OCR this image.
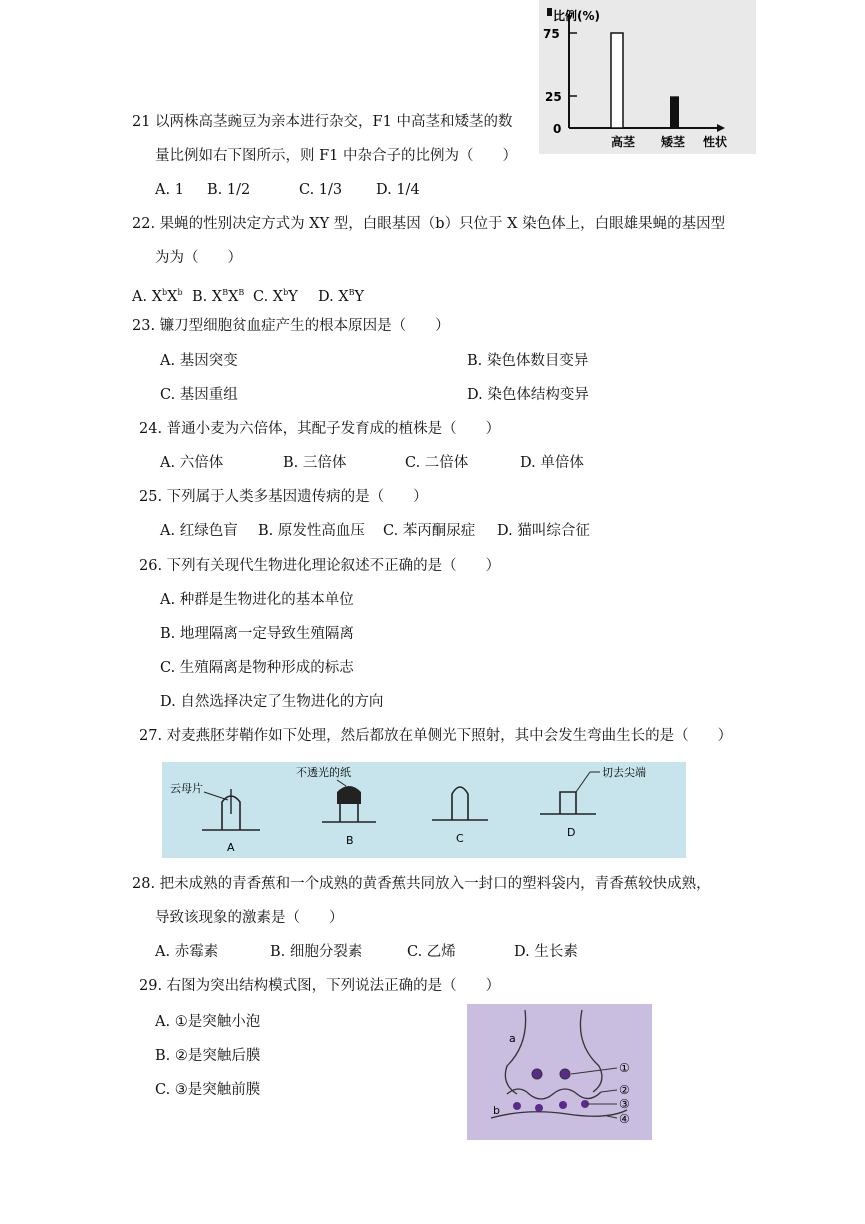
比例(%)
75
25
0
高茎 矮茎 性状
21 以两株高茎豌豆为亲本进行杂交，F1 中高茎和矮茎的数
量比例如右下图所示，则 F1 中杂合子的比例为（　　）
A. 1 B. 1/2	C. 1/3 D. 1/4
22. 果蝇的性别决定方式为 XY 型，白眼基因（b）只位于 X 染色体上，白眼雄果蝇的基因型
为为（　　）
A. $X^bX^b$ B. $X^BX^B$ C. $X^bY$ D. $X^BY$
23. 镰刀型细胞贫血症产生的根本原因是（　　）
A. 基因突变	B. 染色体数目变异
C. 基因重组	D. 染色体结构变异
24. 普通小麦为六倍体，其配子发育成的植株是（　　）
A. 六倍体	B. 三倍体	C. 二倍体	D. 单倍体
25. 下列属于人类多基因遗传病的是（　　）
A. 红绿色盲 B. 原发性高血压 C. 苯丙酮尿症 D. 猫叫综合征
26. 下列有关现代生物进化理论叙述不正确的是（　　）
A. 种群是生物进化的基本单位
B. 地理隔离一定导致生殖隔离
C. 生殖隔离是物种形成的标志
D. 自然选择决定了生物进化的方向
27. 对麦燕胚芽鞘作如下处理，然后都放在单侧光下照射，其中会发生弯曲生长的是（　　）
云母片
A
不透光的纸
B	C
切去尖端
D
28. 把未成熟的青香蕉和一个成熟的黄香蕉共同放入一封口的塑料袋内，青香蕉较快成熟，
导致该现象的激素是（　　）
A. 赤霉素	B. 细胞分裂素	C. 乙烯	D. 生长素
29. 右图为突出结构模式图，下列说法正确的是（　　）
A. ①是突触小泡
B. ②是突触后膜
C. ③是突触前膜
①
②
③
④
a
b
